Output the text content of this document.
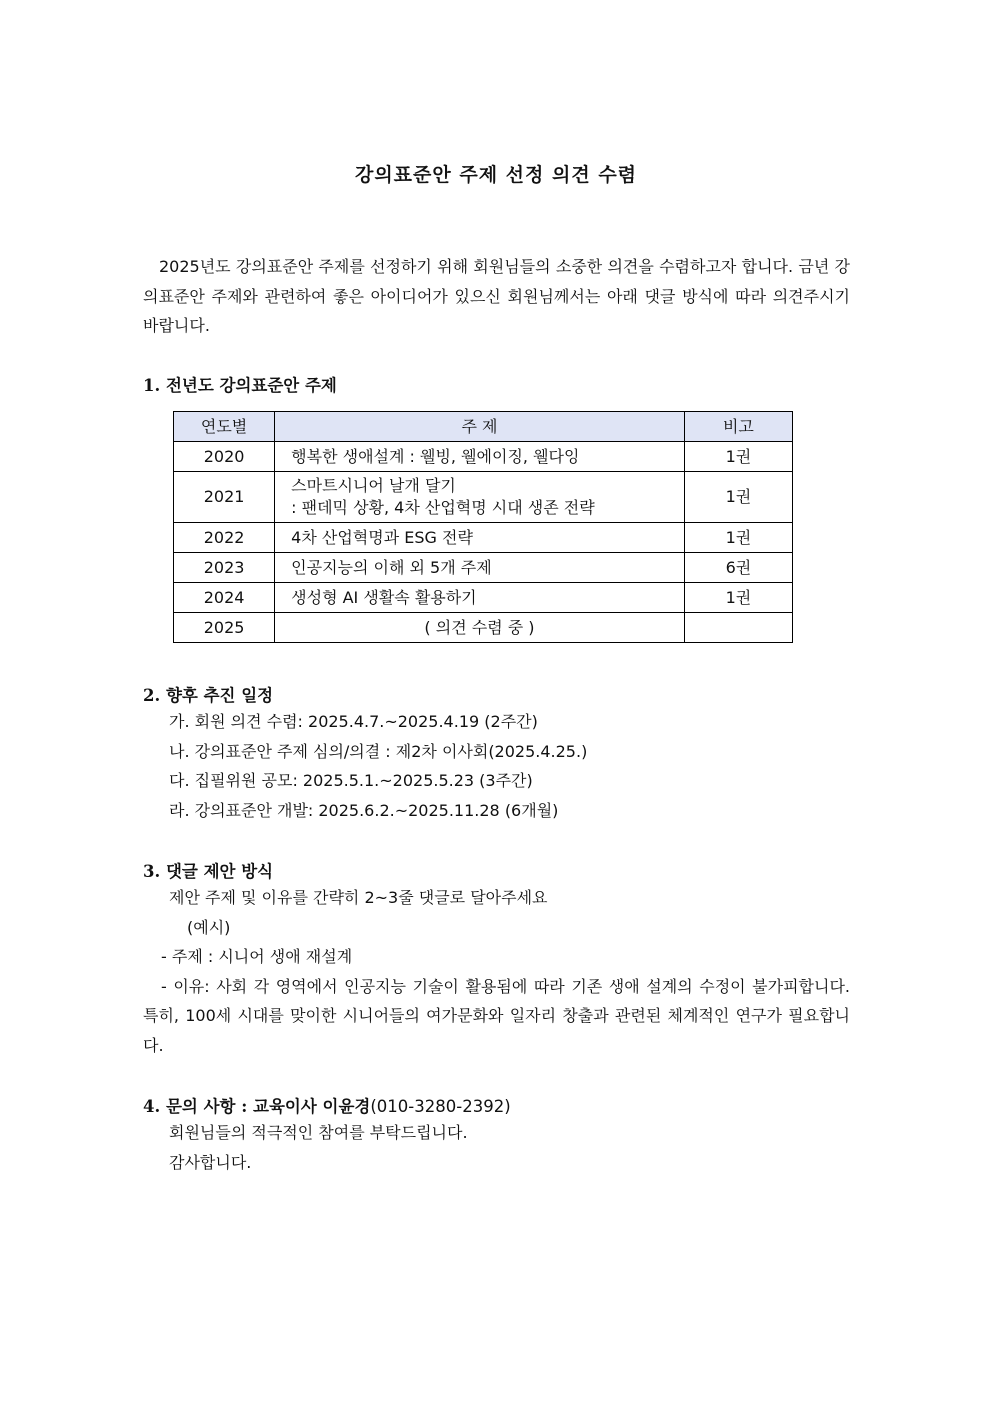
강의표준안 주제 선정 의견 수렴

2025년도 강의표준안 주제를 선정하기 위해 회원님들의 소중한 의견을 수렴하고자 합니다. 금년 강의표준안 주제와 관련하여 좋은 아이디어가 있으신 회원님께서는 아래 댓글 방식에 따라 의견주시기 바랍니다.

1. 전년도 강의표준안 주제
연도별	주 제	비고
2020	행복한 생애설계 : 웰빙, 웰에이징, 웰다잉	1권
2021	스마트시니어 날개 달기
: 팬데믹 상황, 4차 산업혁명 시대 생존 전략	1권
2022	4차 산업혁명과 ESG 전략	1권
2023	인공지능의 이해 외 5개 주제	6권
2024	생성형 AI 생활속 활용하기	1권
2025	( 의견 수렴 중 )	
2. 향후 추진 일정
가. 회원 의견 수렴: 2025.4.7.~2025.4.19 (2주간)
나. 강의표준안 주제 심의/의결 : 제2차 이사회(2025.4.25.)
다. 집필위원 공모: 2025.5.1.~2025.5.23 (3주간)
라. 강의표준안 개발: 2025.6.2.~2025.11.28 (6개월)
3. 댓글 제안 방식
제안 주제 및 이유를 간략히 2~3줄 댓글로 달아주세요
(예시)
- 주제 : 시니어 생애 재설계
- 이유: 사회 각 영역에서 인공지능 기술이 활용됨에 따라 기존 생애 설계의 수정이 불가피합니다. 특히, 100세 시대를 맞이한 시니어들의 여가문화와 일자리 창출과 관련된 체계적인 연구가 필요합니다.
4. 문의 사항 : 교육이사 이윤경(010-3280-2392)
회원님들의 적극적인 참여를 부탁드립니다.
감사합니다.
